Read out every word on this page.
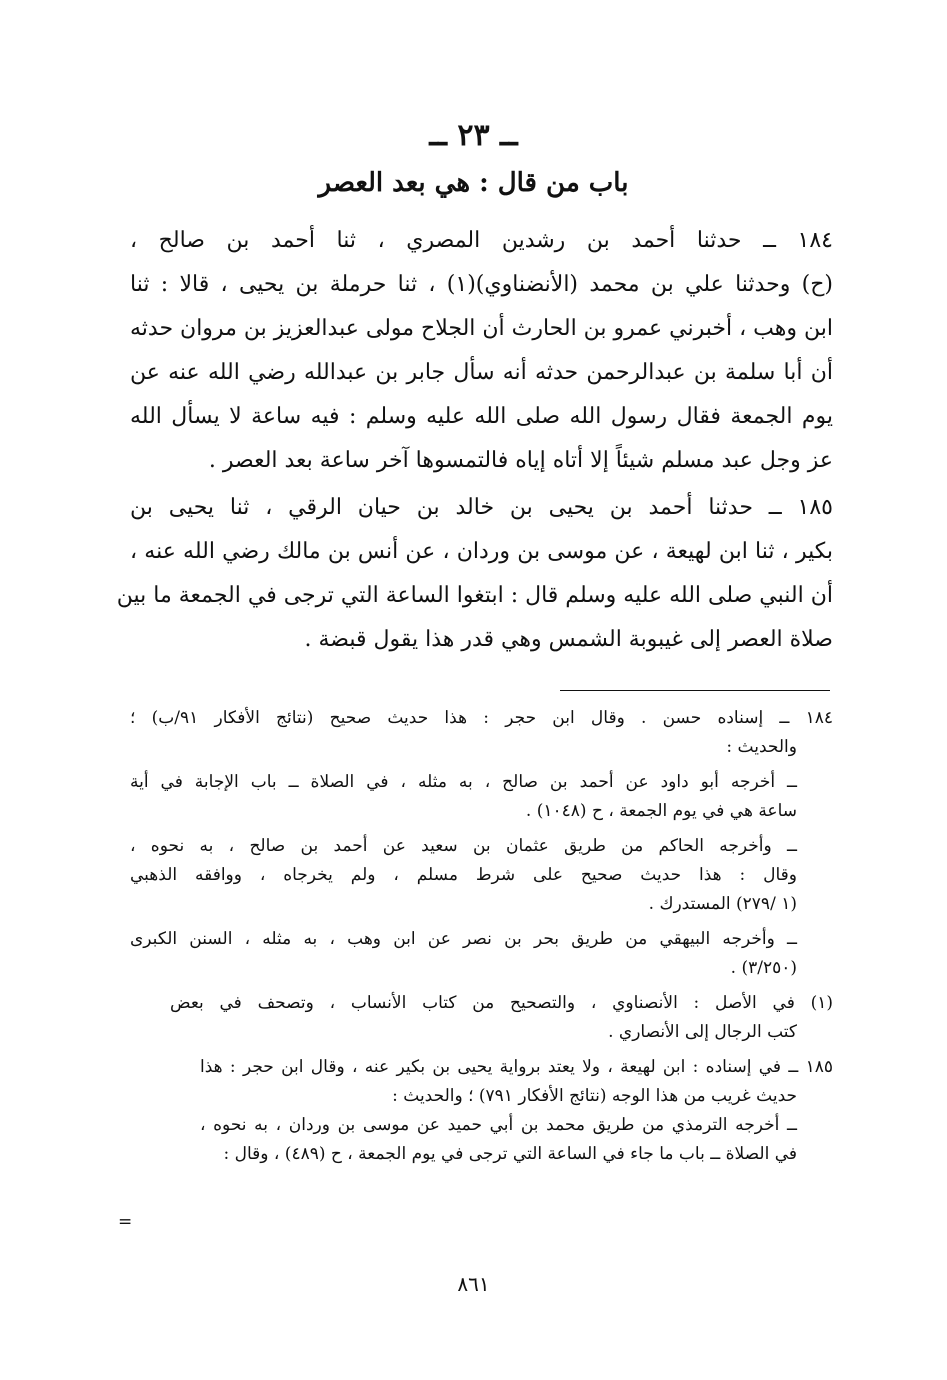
ــ ٢٣ ــ
باب من قال : هي بعد العصر
١٨٤ ــ حدثنا أحمد بن رشدين المصري ، ثنا أحمد بن صالح ،
(ح) وحدثنا علي بن محمد (الأنضناوي)(١) ، ثنا حرملة بن يحيى ، قالا : ثنا
ابن وهب ، أخبرني عمرو بن الحارث أن الجلاح مولى عبدالعزيز بن مروان حدثه
أن أبا سلمة بن عبدالرحمن حدثه أنه سأل جابر بن عبدالله رضي الله عنه عن
يوم الجمعة فقال رسول الله صلى الله عليه وسلم : فيه ساعة لا يسأل الله
عز وجل عبد مسلم شيئاً إلا أتاه إياه فالتمسوها آخر ساعة بعد العصر .
١٨٥ ــ حدثنا أحمد بن يحيى بن خالد بن حيان الرقي ، ثنا يحيى بن
بكير ، ثنا ابن لهيعة ، عن موسى بن وردان ، عن أنس بن مالك رضي الله عنه ،
أن النبي صلى الله عليه وسلم قال : ابتغوا الساعة التي ترجى في الجمعة ما بين
صلاة العصر إلى غيبوبة الشمس وهي قدر هذا يقول قبضة .
١٨٤ ــ إسناده حسن . وقال ابن حجر : هذا حديث صحيح (نتائج الأفكار ٩١/ب) ؛
والحديث :
ــ أخرجه أبو داود عن أحمد بن صالح ، به مثله ، في الصلاة ــ باب الإجابة في أية
ساعة هي في يوم الجمعة ، ح (١٠٤٨) .
ــ وأخرجه الحاكم من طريق عثمان بن سعيد عن أحمد بن صالح ، به نحوه ،
وقال : هذا حديث صحيح على شرط مسلم ، ولم يخرجاه ، ووافقه الذهبي
(١ /٢٧٩) المستدرك .
ــ وأخرجه البيهقي من طريق بحر بن نصر عن ابن وهب ، به مثله ، السنن الكبرى
(٣/٢٥٠) .
(١) في الأصل : الأنصناوي ، والتصحيح من كتاب الأنساب ، وتصحف في بعض
كتب الرجال إلى الأنصاري .
١٨٥ ــ في إسناده : ابن لهيعة ، ولا يعتد برواية يحيى بن بكير عنه ، وقال ابن حجر : هذا
حديث غريب من هذا الوجه (نتائج الأفكار ٧٩١) ؛ والحديث :
ــ أخرجه الترمذي من طريق محمد بن أبي حميد عن موسى بن وردان ، به نحوه ،
في الصلاة ــ باب ما جاء في الساعة التي ترجى في يوم الجمعة ، ح (٤٨٩) ، وقال :
=
٨٦١
